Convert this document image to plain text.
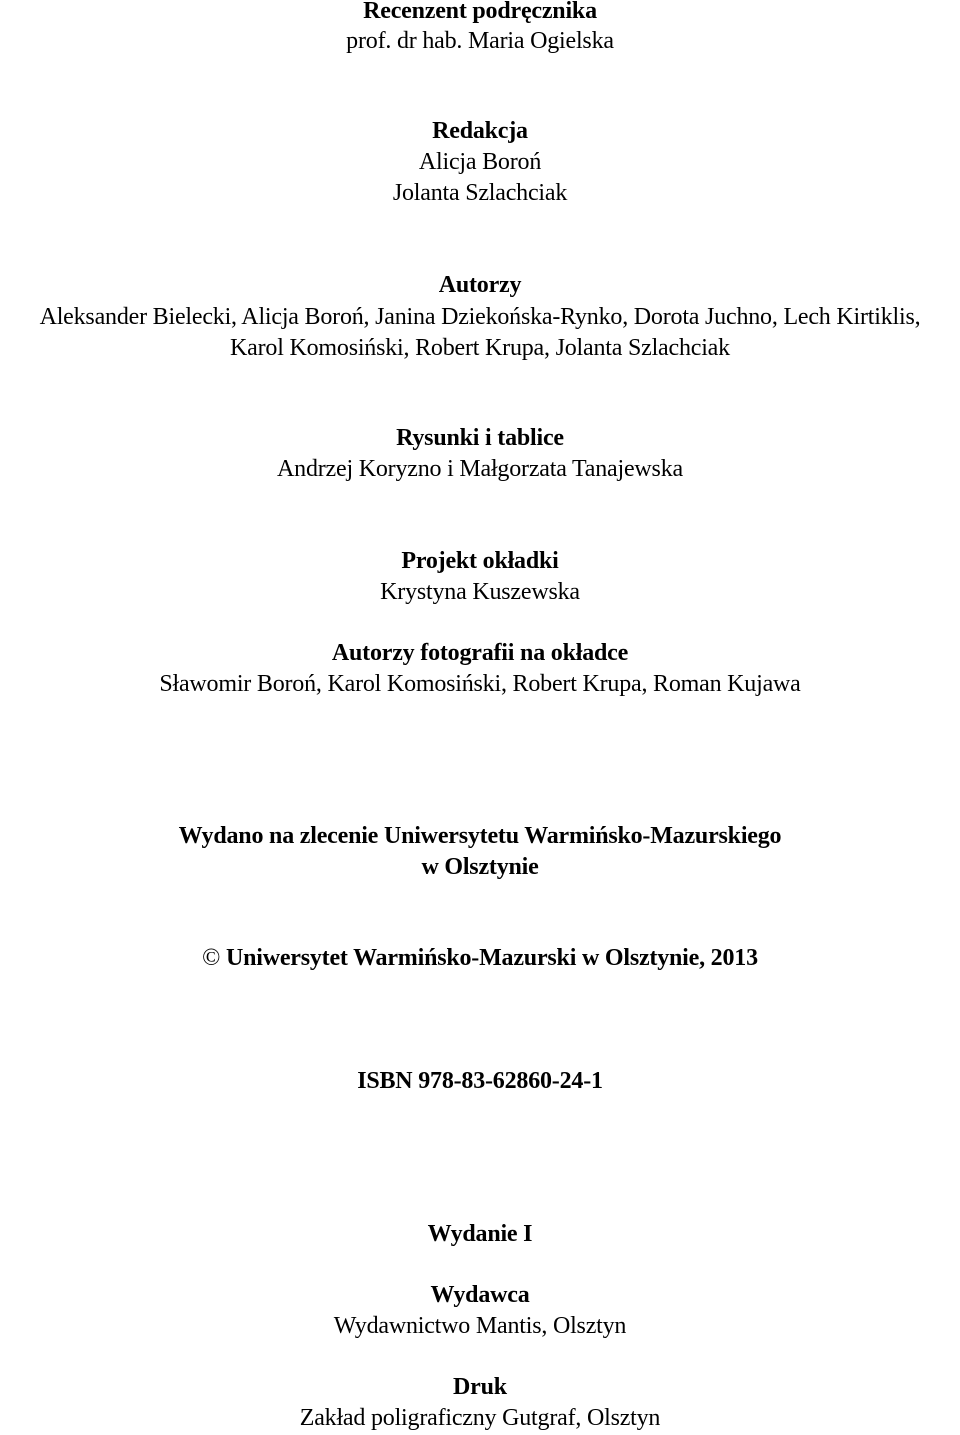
Recenzent podręcznika
prof. dr hab. Maria Ogielska
Redakcja
Alicja Boroń
Jolanta Szlachciak
Autorzy
Aleksander Bielecki, Alicja Boroń, Janina Dziekońska-Rynko, Dorota Juchno, Lech Kirtiklis,
Karol Komosiński, Robert Krupa, Jolanta Szlachciak
Rysunki i tablice
Andrzej Koryzno i Małgorzata Tanajewska
Projekt okładki
Krystyna Kuszewska
Autorzy fotografii na okładce
Sławomir Boroń, Karol Komosiński, Robert Krupa, Roman Kujawa
Wydano na zlecenie Uniwersytetu Warmińsko-Mazurskiego
w Olsztynie
© Uniwersytet Warmińsko-Mazurski w Olsztynie, 2013
ISBN 978-83-62860-24-1
Wydanie I
Wydawca
Wydawnictwo Mantis, Olsztyn
Druk
Zakład poligraficzny Gutgraf, Olsztyn
